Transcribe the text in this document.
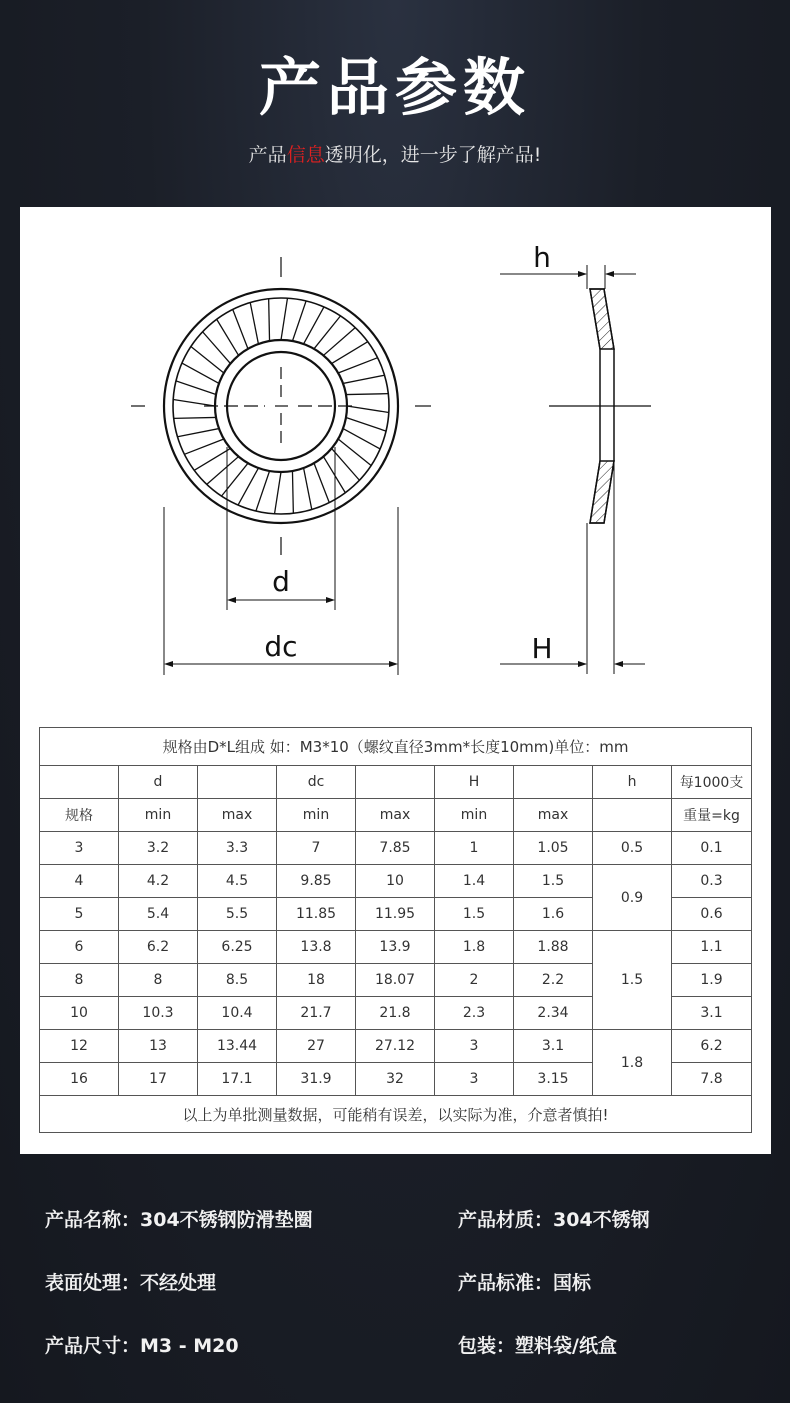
产品参数
产品信息透明化，进一步了解产品!
d
dc
h
H
规格由D*L组成 如：M3*10（螺纹直径3mm*长度10mm)单位：mm								
	d		dc		H		h	每1000支
规格	min	max	min	max	min	max		重量=kg
3	3.2	3.3	7	7.85	1	1.05	0.5	0.1
4	4.2	4.5	9.85	10	1.4	1.5	0.9	0.3
5	5.4	5.5	11.85	11.95	1.5	1.6		0.6
6	6.2	6.25	13.8	13.9	1.8	1.88	1.5	1.1
8	8	8.5	18	18.07	2	2.2		1.9
10	10.3	10.4	21.7	21.8	2.3	2.34		3.1
12	13	13.44	27	27.12	3	3.1	1.8	6.2
16	17	17.1	31.9	32	3	3.15		7.8
以上为单批测量数据，可能稍有误差，以实际为准，介意者慎拍!								
产品名称：304不锈钢防滑垫圈	产品材质：304不锈钢
表面处理：不经处理	产品标准：国标
产品尺寸：M3 - M20	包装：塑料袋/纸盒
